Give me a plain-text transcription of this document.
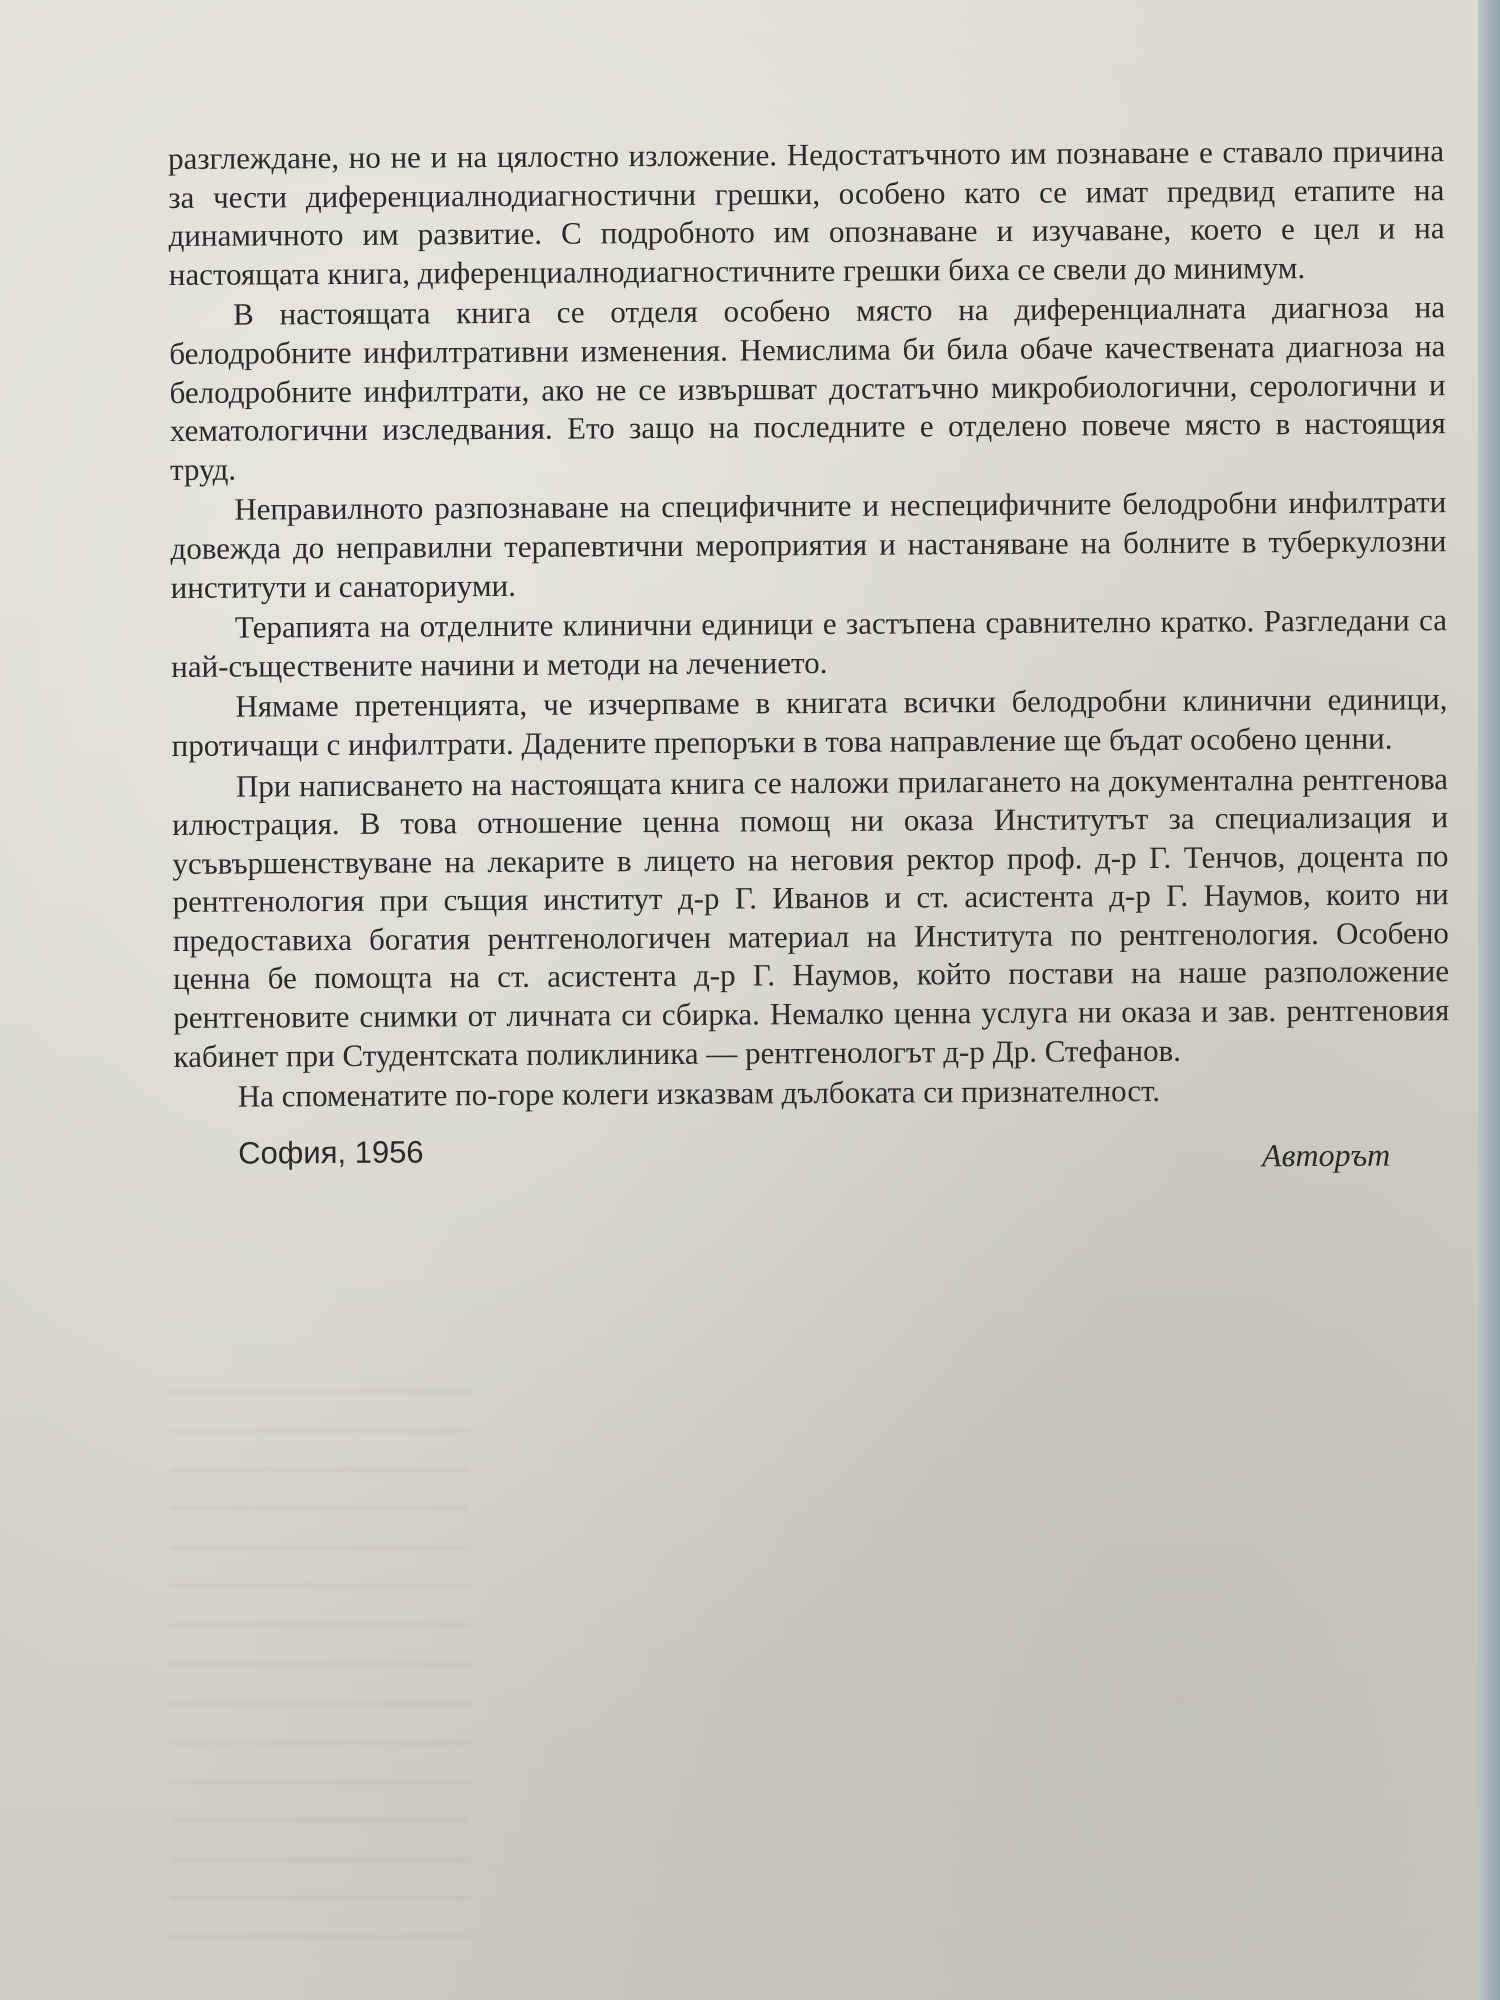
разглеждане, но не и на цялостно изложение. Недостатъчното им познаване е ставало причина за чести диференциалнодиагностични грешки, особено като се имат предвид етапите на динамичното им развитие. С подробното им опознаване и изучаване, което е цел и на настоящата книга, диференциалнодиагностичните грешки биха се свели до минимум.

В настоящата книга се отделя особено място на диференциалната диагноза на белодробните инфилтративни изменения. Немислима би била обаче качествената диагноза на белодробните инфилтрати, ако не се извършват достатъчно микробиологични, серологични и хематологични изследвания. Ето защо на последните е отделено повече място в настоящия труд.

Неправилното разпознаване на специфичните и неспецифичните белодробни инфилтрати довежда до неправилни терапевтични мероприятия и настаняване на болните в туберкулозни институти и санаториуми.

Терапията на отделните клинични единици е застъпена сравнително кратко. Разгледани са най-съществените начини и методи на лечението.

Нямаме претенцията, че изчерпваме в книгата всички белодробни клинични единици, протичащи с инфилтрати. Дадените препоръки в това направление ще бъдат особено ценни.

При написването на настоящата книга се наложи прилагането на документална рентгенова илюстрация. В това отношение ценна помощ ни оказа Институтът за специализация и усъвършенствуване на лекарите в лицето на неговия ректор проф. д-р Г. Тенчов, доцента по рентгенология при същия институт д-р Г. Иванов и ст. асистента д-р Г. Наумов, които ни предоставиха богатия рентгенологичен материал на Института по рентгенология. Особено ценна бе помощта на ст. асистента д-р Г. Наумов, който постави на наше разположение рентгеновите снимки от личната си сбирка. Немалко ценна услуга ни оказа и зав. рентгеновия кабинет при Студентската поликлиника — рентгенологът д-р Др. Стефанов.

На споменатите по-горе колеги изказвам дълбоката си признателност.

София, 1956	Авторът
